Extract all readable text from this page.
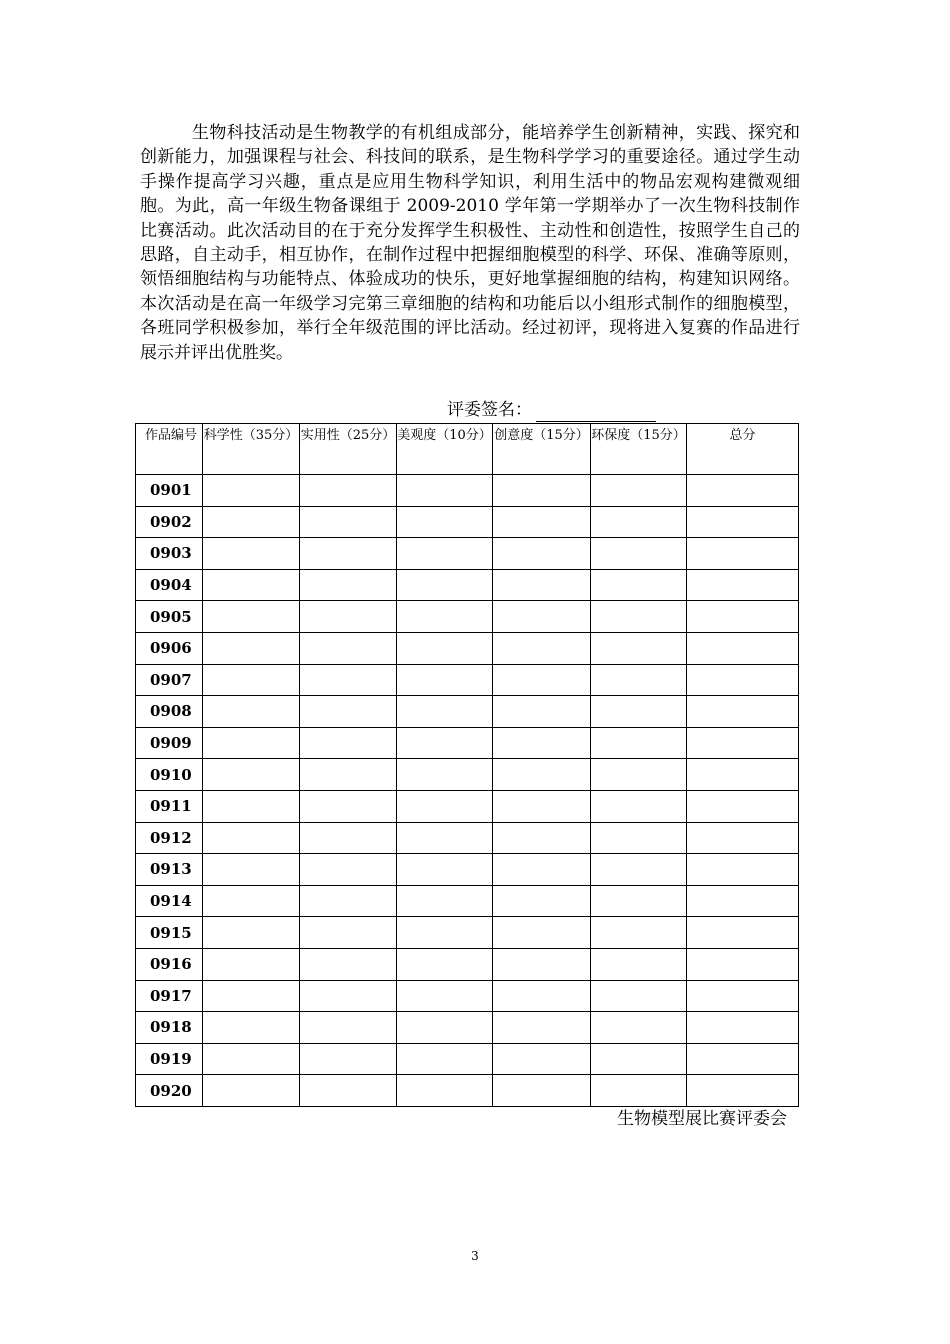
生物科技活动是生物教学的有机组成部分，能培养学生创新精神，实践、探究和创新能力，加强课程与社会、科技间的联系，是生物科学学习的重要途径。通过学生动手操作提高学习兴趣，重点是应用生物科学知识，利用生活中的物品宏观构建微观细胞。为此，高一年级生物备课组于 2009-2010 学年第一学期举办了一次生物科技制作比赛活动。此次活动目的在于充分发挥学生积极性、主动性和创造性，按照学生自己的思路，自主动手，相互协作，在制作过程中把握细胞模型的科学、环保、准确等原则，领悟细胞结构与功能特点、体验成功的快乐，更好地掌握细胞的结构，构建知识网络。本次活动是在高一年级学习完第三章细胞的结构和功能后以小组形式制作的细胞模型，各班同学积极参加，举行全年级范围的评比活动。经过初评，现将进入复赛的作品进行展示并评出优胜奖。

评委签名：
作品编号	科学性（35分）	实用性（25分）	美观度（10分）	创意度（15分）	环保度（15分）	总分
0901						
0902						
0903						
0904						
0905						
0906						
0907						
0908						
0909						
0910						
0911						
0912						
0913						
0914						
0915						
0916						
0917						
0918						
0919						
0920						
生物模型展比赛评委会
3
